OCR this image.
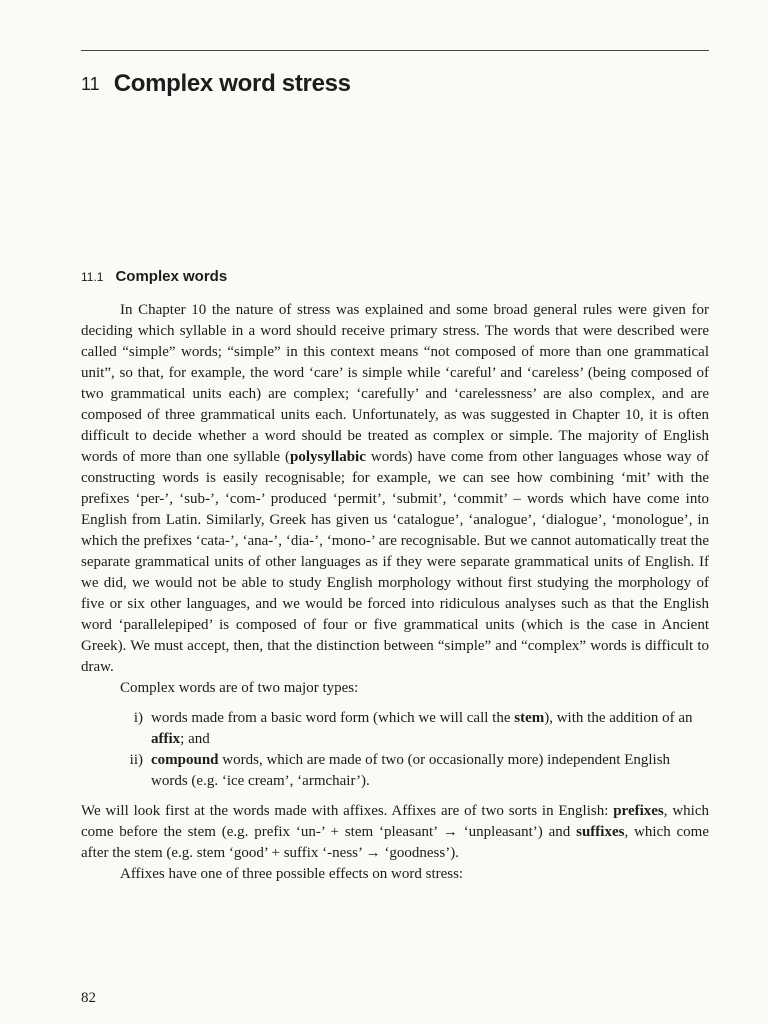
11 Complex word stress
11.1 Complex words

In Chapter 10 the nature of stress was explained and some broad general rules were given for deciding which syllable in a word should receive primary stress. The words that were described were called “simple” words; “simple” in this context means “not composed of more than one grammatical unit”, so that, for example, the word ‘care’ is simple while ‘careful’ and ‘careless’ (being composed of two grammatical units each) are complex; ‘carefully’ and ‘carelessness’ are also complex, and are composed of three grammatical units each. Unfortunately, as was suggested in Chapter 10, it is often difficult to decide whether a word should be treated as complex or simple. The majority of English words of more than one syllable (polysyllabic words) have come from other languages whose way of constructing words is easily recognisable; for example, we can see how combining ‘mit’ with the prefixes ‘per-’, ‘sub-’, ‘com-’ produced ‘permit’, ‘submit’, ‘commit’ – words which have come into English from Latin. Similarly, Greek has given us ‘catalogue’, ‘analogue’, ‘dialogue’, ‘monologue’, in which the prefixes ‘cata-’, ‘ana-’, ‘dia-’, ‘mono-’ are recognisable. But we cannot automatically treat the separate grammatical units of other languages as if they were separate grammatical units of English. If we did, we would not be able to study English morphology without first studying the morphology of five or six other languages, and we would be forced into ridiculous analyses such as that the English word ‘parallelepiped’ is composed of four or five grammatical units (which is the case in Ancient Greek). We must accept, then, that the distinction between “simple” and “complex” words is difficult to draw.

Complex words are of two major types:

i) words made from a basic word form (which we will call the stem), with the addition of an affix; and
ii) compound words, which are made of two (or occasionally more) independent English words (e.g. ‘ice cream’, ‘armchair’).

We will look first at the words made with affixes. Affixes are of two sorts in English: prefixes, which come before the stem (e.g. prefix ‘un-’ + stem ‘pleasant’ → ‘unpleasant’) and suffixes, which come after the stem (e.g. stem ‘good’ + suffix ‘-ness’ → ‘goodness’).

Affixes have one of three possible effects on word stress:

82
